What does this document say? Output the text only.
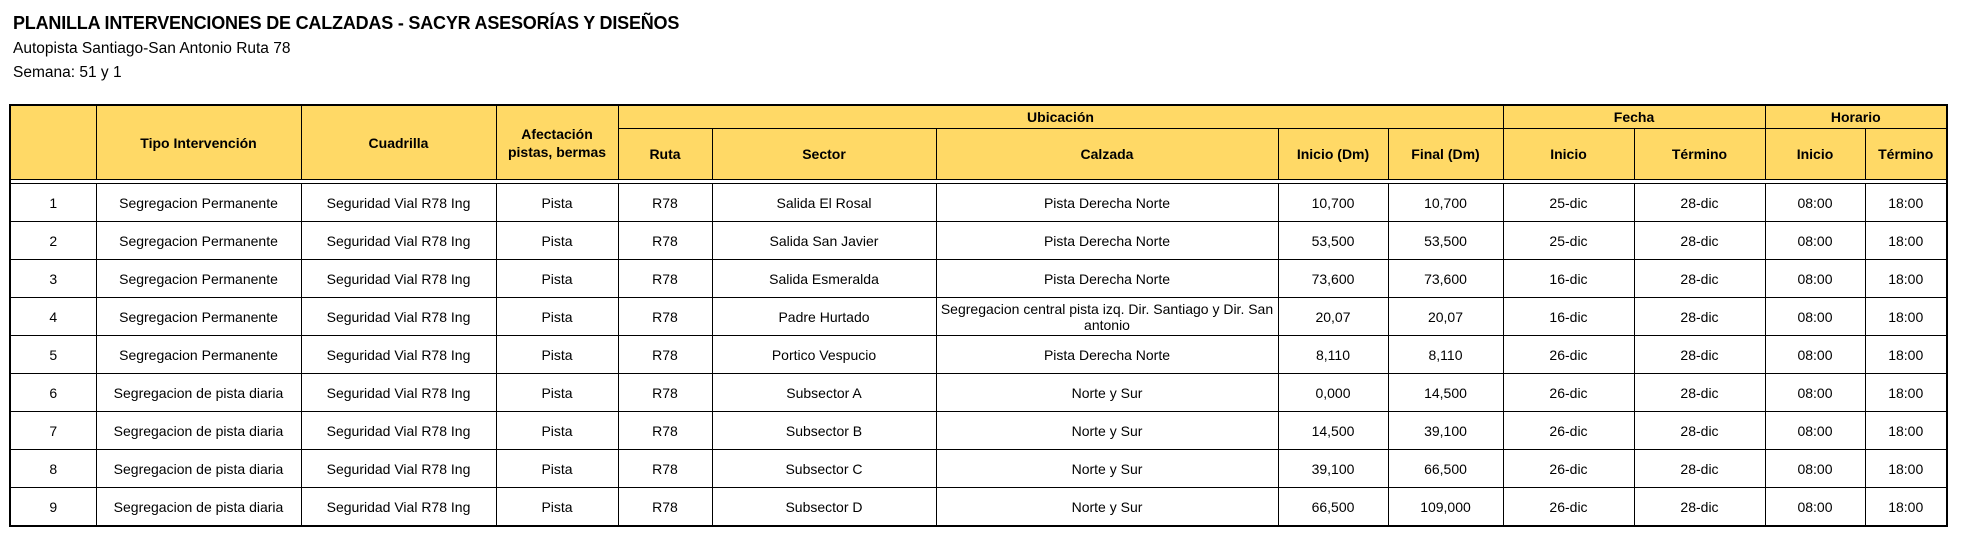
PLANILLA INTERVENCIONES DE CALZADAS - SACYR ASESORÍAS Y DISEÑOS
Autopista Santiago-San Antonio Ruta 78
Semana: 51 y 1
	Tipo Intervención	Cuadrilla	Afectación pistas, bermas	Ubicación					Fecha		Horario	
				Ruta	Sector	Calzada	Inicio (Dm)	Final (Dm)	Inicio	Término	Inicio	Término

1	Segregacion Permanente	Seguridad Vial R78 Ing	Pista	R78	Salida El Rosal	Pista Derecha Norte	10,700	10,700	25-dic	28-dic	08:00	18:00
2	Segregacion Permanente	Seguridad Vial R78 Ing	Pista	R78	Salida San Javier	Pista Derecha Norte	53,500	53,500	25-dic	28-dic	08:00	18:00
3	Segregacion Permanente	Seguridad Vial R78 Ing	Pista	R78	Salida Esmeralda	Pista Derecha Norte	73,600	73,600	16-dic	28-dic	08:00	18:00
4	Segregacion Permanente	Seguridad Vial R78 Ing	Pista	R78	Padre Hurtado	Segregacion central pista izq. Dir. Santiago y Dir. San antonio	20,07	20,07	16-dic	28-dic	08:00	18:00
5	Segregacion Permanente	Seguridad Vial R78 Ing	Pista	R78	Portico Vespucio	Pista Derecha Norte	8,110	8,110	26-dic	28-dic	08:00	18:00
6	Segregacion de pista diaria	Seguridad Vial R78 Ing	Pista	R78	Subsector A	Norte y Sur	0,000	14,500	26-dic	28-dic	08:00	18:00
7	Segregacion de pista diaria	Seguridad Vial R78 Ing	Pista	R78	Subsector B	Norte y Sur	14,500	39,100	26-dic	28-dic	08:00	18:00
8	Segregacion de pista diaria	Seguridad Vial R78 Ing	Pista	R78	Subsector C	Norte y Sur	39,100	66,500	26-dic	28-dic	08:00	18:00
9	Segregacion de pista diaria	Seguridad Vial R78 Ing	Pista	R78	Subsector D	Norte y Sur	66,500	109,000	26-dic	28-dic	08:00	18:00
